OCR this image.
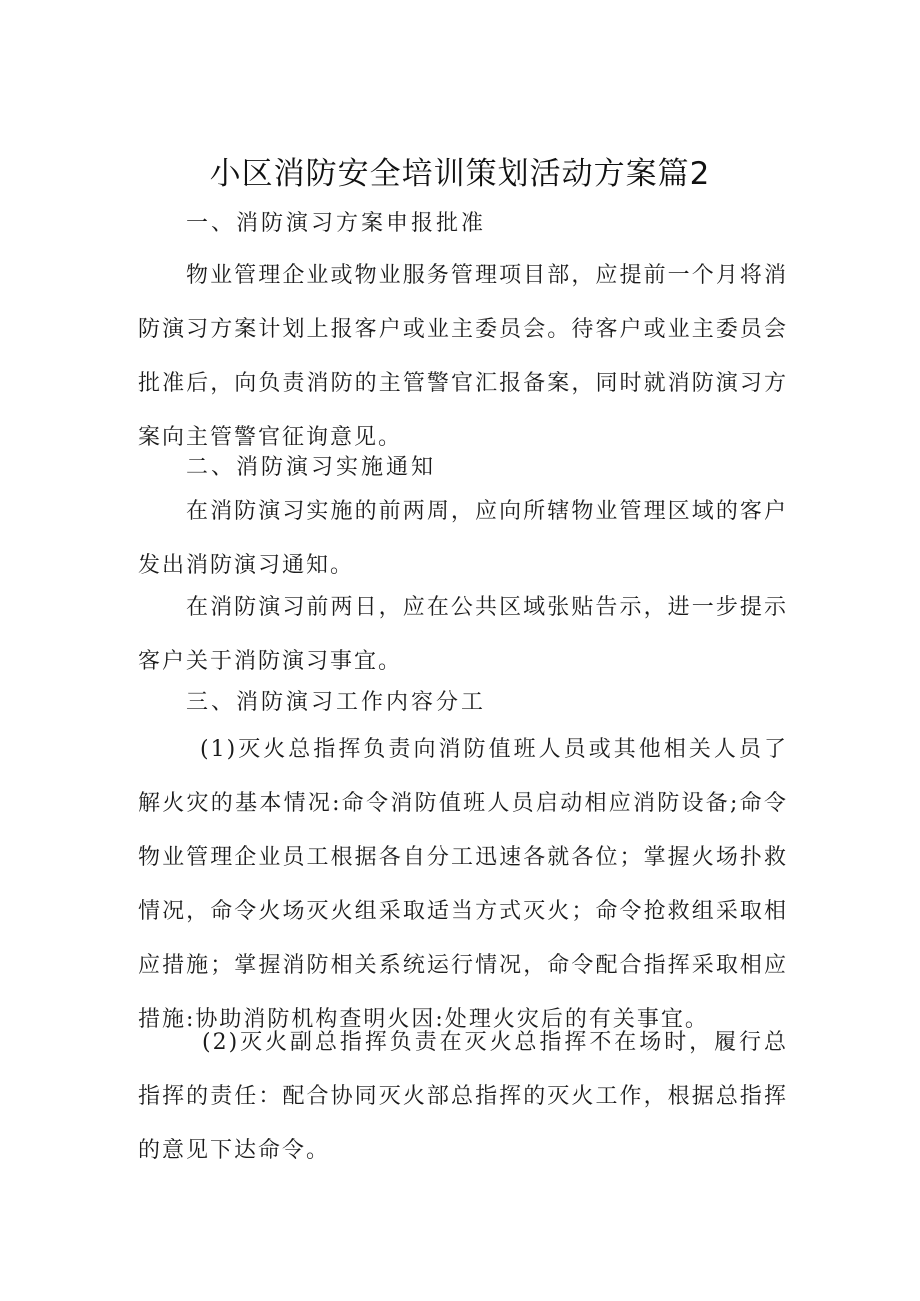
小区消防安全培训策划活动方案篇2

一、消防演习方案申报批准

物业管理企业或物业服务管理项目部，应提前一个月将消防演习方案计划上报客户或业主委员会。待客户或业主委员会批准后，向负责消防的主管警官汇报备案，同时就消防演习方案向主管警官征询意见。

二、消防演习实施通知

在消防演习实施的前两周，应向所辖物业管理区域的客户发出消防演习通知。

在消防演习前两日，应在公共区域张贴告示，进一步提示客户关于消防演习事宜。

三、消防演习工作内容分工

(1)灭火总指挥负责向消防值班人员或其他相关人员了解火灾的基本情况:命令消防值班人员启动相应消防设备;命令物业管理企业员工根据各自分工迅速各就各位；掌握火场扑救情况，命令火场灭火组采取适当方式灭火；命令抢救组采取相应措施；掌握消防相关系统运行情况，命令配合指挥采取相应措施:协助消防机构查明火因:处理火灾后的有关事宜。

(2)灭火副总指挥负责在灭火总指挥不在场时，履行总指挥的责任：配合协同灭火部总指挥的灭火工作，根据总指挥的意见下达命令。
